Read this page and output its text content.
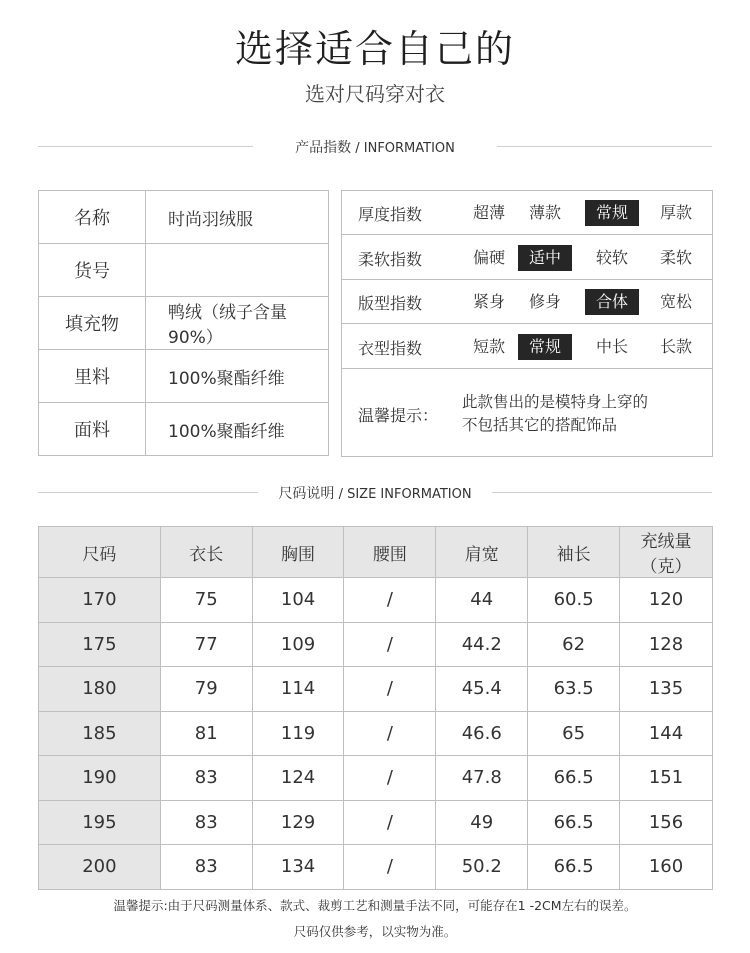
选择适合自己的
选对尺码穿对衣
产品指数 / INFORMATION
名称	时尚羽绒服
货号	
填充物	鸭绒（绒子含量90%）
里料	100%聚酯纤维
面料	100%聚酯纤维
厚度指数	超薄	薄款	常规	厚款
柔软指数	偏硬	适中	较软	柔软
版型指数	紧身	修身	合体	宽松
衣型指数	短款	常规	中长	长款
温馨提示：
此款售出的是模特身上穿的
不包括其它的搭配饰品
尺码说明 / SIZE INFORMATION
尺码	衣长	胸围	腰围	肩宽	袖长	充绒量（克）
170	75	104	/	44	60.5	120
175	77	109	/	44.2	62	128
180	79	114	/	45.4	63.5	135
185	81	119	/	46.6	65	144
190	83	124	/	47.8	66.5	151
195	83	129	/	49	66.5	156
200	83	134	/	50.2	66.5	160
温馨提示:由于尺码测量体系、款式、裁剪工艺和测量手法不同，可能存在1 -2CM左右的误差。
尺码仅供参考，以实物为准。
